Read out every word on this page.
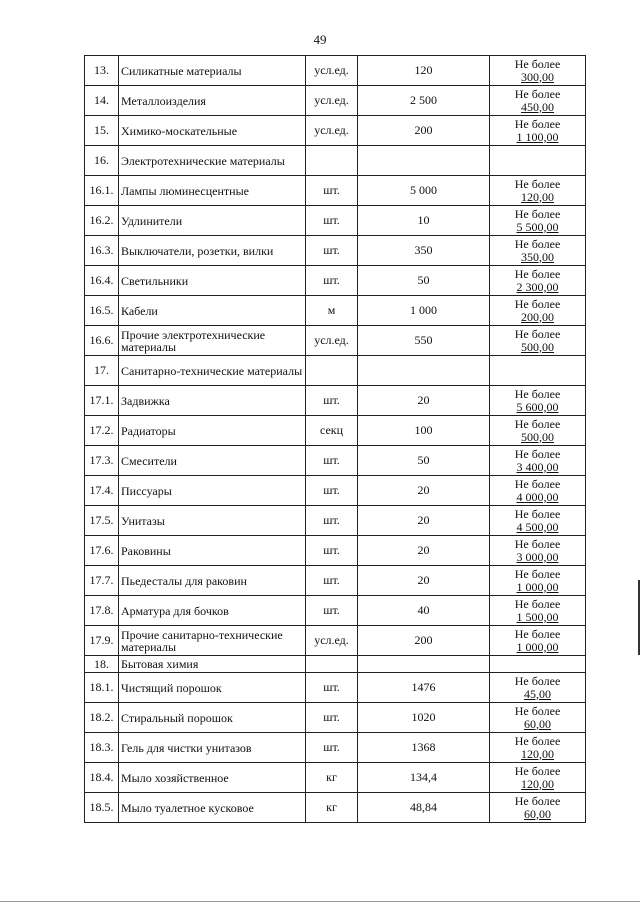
49
13.	Силикатные материалы	усл.ед.	120	Не более
300,00

14.	Металлоизделия	усл.ед.	2 500	Не более
450,00

15.	Химико-москательные	усл.ед.	200	Не более
1 100,00

16.	Электротехнические материалы			

16.1.	Лампы люминесцентные	шт.	5 000	Не более
120,00

16.2.	Удлинители	шт.	10	Не более
5 500,00

16.3.	Выключатели, розетки, вилки	шт.	350	Не более
350,00

16.4.	Светильники	шт.	50	Не более
2 300,00

16.5.	Кабели	м	1 000	Не более
200,00

16.6.	Прочие электротехнические материалы	усл.ед.	550	Не более
500,00

17.	Санитарно-технические материалы			

17.1.	Задвижка	шт.	20	Не более
5 600,00

17.2.	Радиаторы	секц	100	Не более
500,00

17.3.	Смесители	шт.	50	Не более
3 400,00

17.4.	Писсуары	шт.	20	Не более
4 000,00

17.5.	Унитазы	шт.	20	Не более
4 500,00

17.6.	Раковины	шт.	20	Не более
3 000,00

17.7.	Пьедесталы для раковин	шт.	20	Не более
1 000,00

17.8.	Арматура для бочков	шт.	40	Не более
1 500,00

17.9.	Прочие санитарно-технические материалы	усл.ед.	200	Не более
1 000,00

18.	Бытовая химия			

18.1.	Чистящий порошок	шт.	1476	Не более
45,00

18.2.	Стиральный порошок	шт.	1020	Не более
60,00

18.3.	Гель для чистки унитазов	шт.	1368	Не более
120,00

18.4.	Мыло хозяйственное	кг	134,4	Не более
120,00

18.5.	Мыло туалетное кусковое	кг	48,84	Не более
60,00
